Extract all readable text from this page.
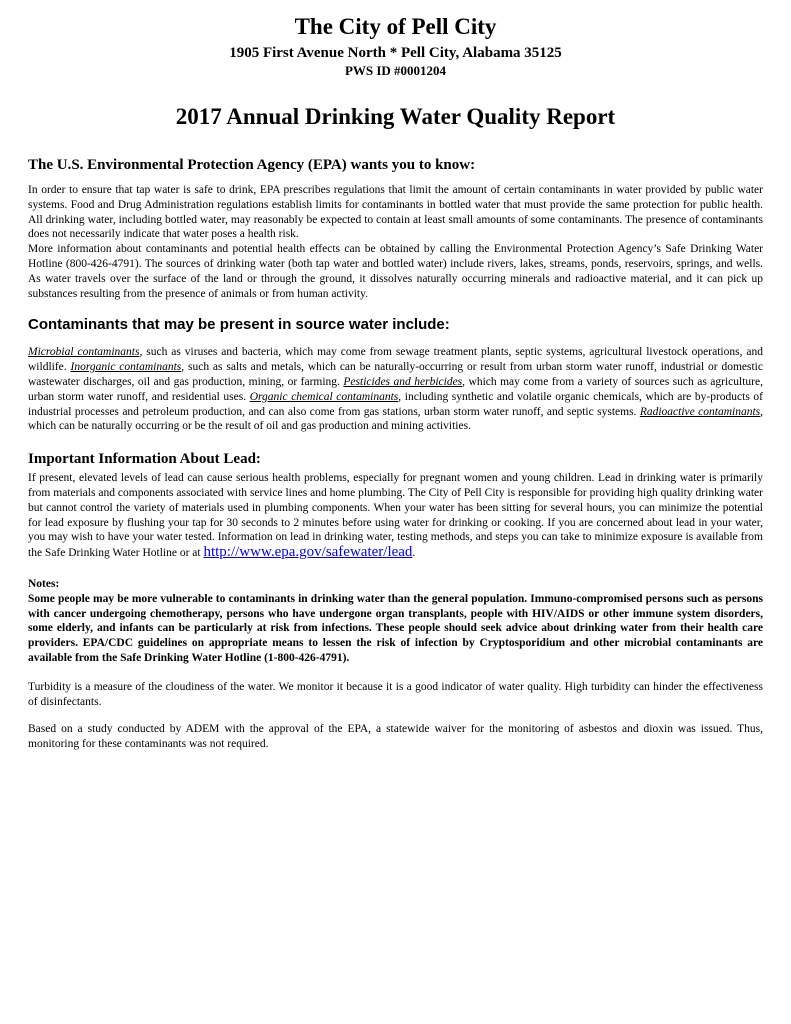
The City of Pell City

1905 First Avenue North * Pell City, Alabama 35125

PWS ID #0001204

2017 Annual Drinking Water Quality Report
The U.S. Environmental Protection Agency (EPA) wants you to know:

In order to ensure that tap water is safe to drink, EPA prescribes regulations that limit the amount of certain contaminants in water provided by public water systems. Food and Drug Administration regulations establish limits for contaminants in bottled water that must provide the same protection for public health. All drinking water, including bottled water, may reasonably be expected to contain at least small amounts of some contaminants. The presence of contaminants does not necessarily indicate that water poses a health risk.

More information about contaminants and potential health effects can be obtained by calling the Environmental Protection Agency’s Safe Drinking Water Hotline (800-426-4791). The sources of drinking water (both tap water and bottled water) include rivers, lakes, streams, ponds, reservoirs, springs, and wells. As water travels over the surface of the land or through the ground, it dissolves naturally occurring minerals and radioactive material, and it can pick up substances resulting from the presence of animals or from human activity.

Contaminants that may be present in source water include:

Microbial contaminants, such as viruses and bacteria, which may come from sewage treatment plants, septic systems, agricultural livestock operations, and wildlife. Inorganic contaminants, such as salts and metals, which can be naturally-occurring or result from urban storm water runoff, industrial or domestic wastewater discharges, oil and gas production, mining, or farming. Pesticides and herbicides, which may come from a variety of sources such as agriculture, urban storm water runoff, and residential uses. Organic chemical contaminants, including synthetic and volatile organic chemicals, which are by-products of industrial processes and petroleum production, and can also come from gas stations, urban storm water runoff, and septic systems. Radioactive contaminants, which can be naturally occurring or be the result of oil and gas production and mining activities.

Important Information About Lead:

If present, elevated levels of lead can cause serious health problems, especially for pregnant women and young children. Lead in drinking water is primarily from materials and components associated with service lines and home plumbing. The City of Pell City is responsible for providing high quality drinking water but cannot control the variety of materials used in plumbing components. When your water has been sitting for several hours, you can minimize the potential for lead exposure by flushing your tap for 30 seconds to 2 minutes before using water for drinking or cooking. If you are concerned about lead in your water, you may wish to have your water tested. Information on lead in drinking water, testing methods, and steps you can take to minimize exposure is available from the Safe Drinking Water Hotline or at http://www.epa.gov/safewater/lead.

Notes:

Some people may be more vulnerable to contaminants in drinking water than the general population. Immuno-compromised persons such as persons with cancer undergoing chemotherapy, persons who have undergone organ transplants, people with HIV/AIDS or other immune system disorders, some elderly, and infants can be particularly at risk from infections. These people should seek advice about drinking water from their health care providers. EPA/CDC guidelines on appropriate means to lessen the risk of infection by Cryptosporidium and other microbial contaminants are available from the Safe Drinking Water Hotline (1-800-426-4791).

Turbidity is a measure of the cloudiness of the water. We monitor it because it is a good indicator of water quality. High turbidity can hinder the effectiveness of disinfectants.

Based on a study conducted by ADEM with the approval of the EPA, a statewide waiver for the monitoring of asbestos and dioxin was issued. Thus, monitoring for these contaminants was not required.
